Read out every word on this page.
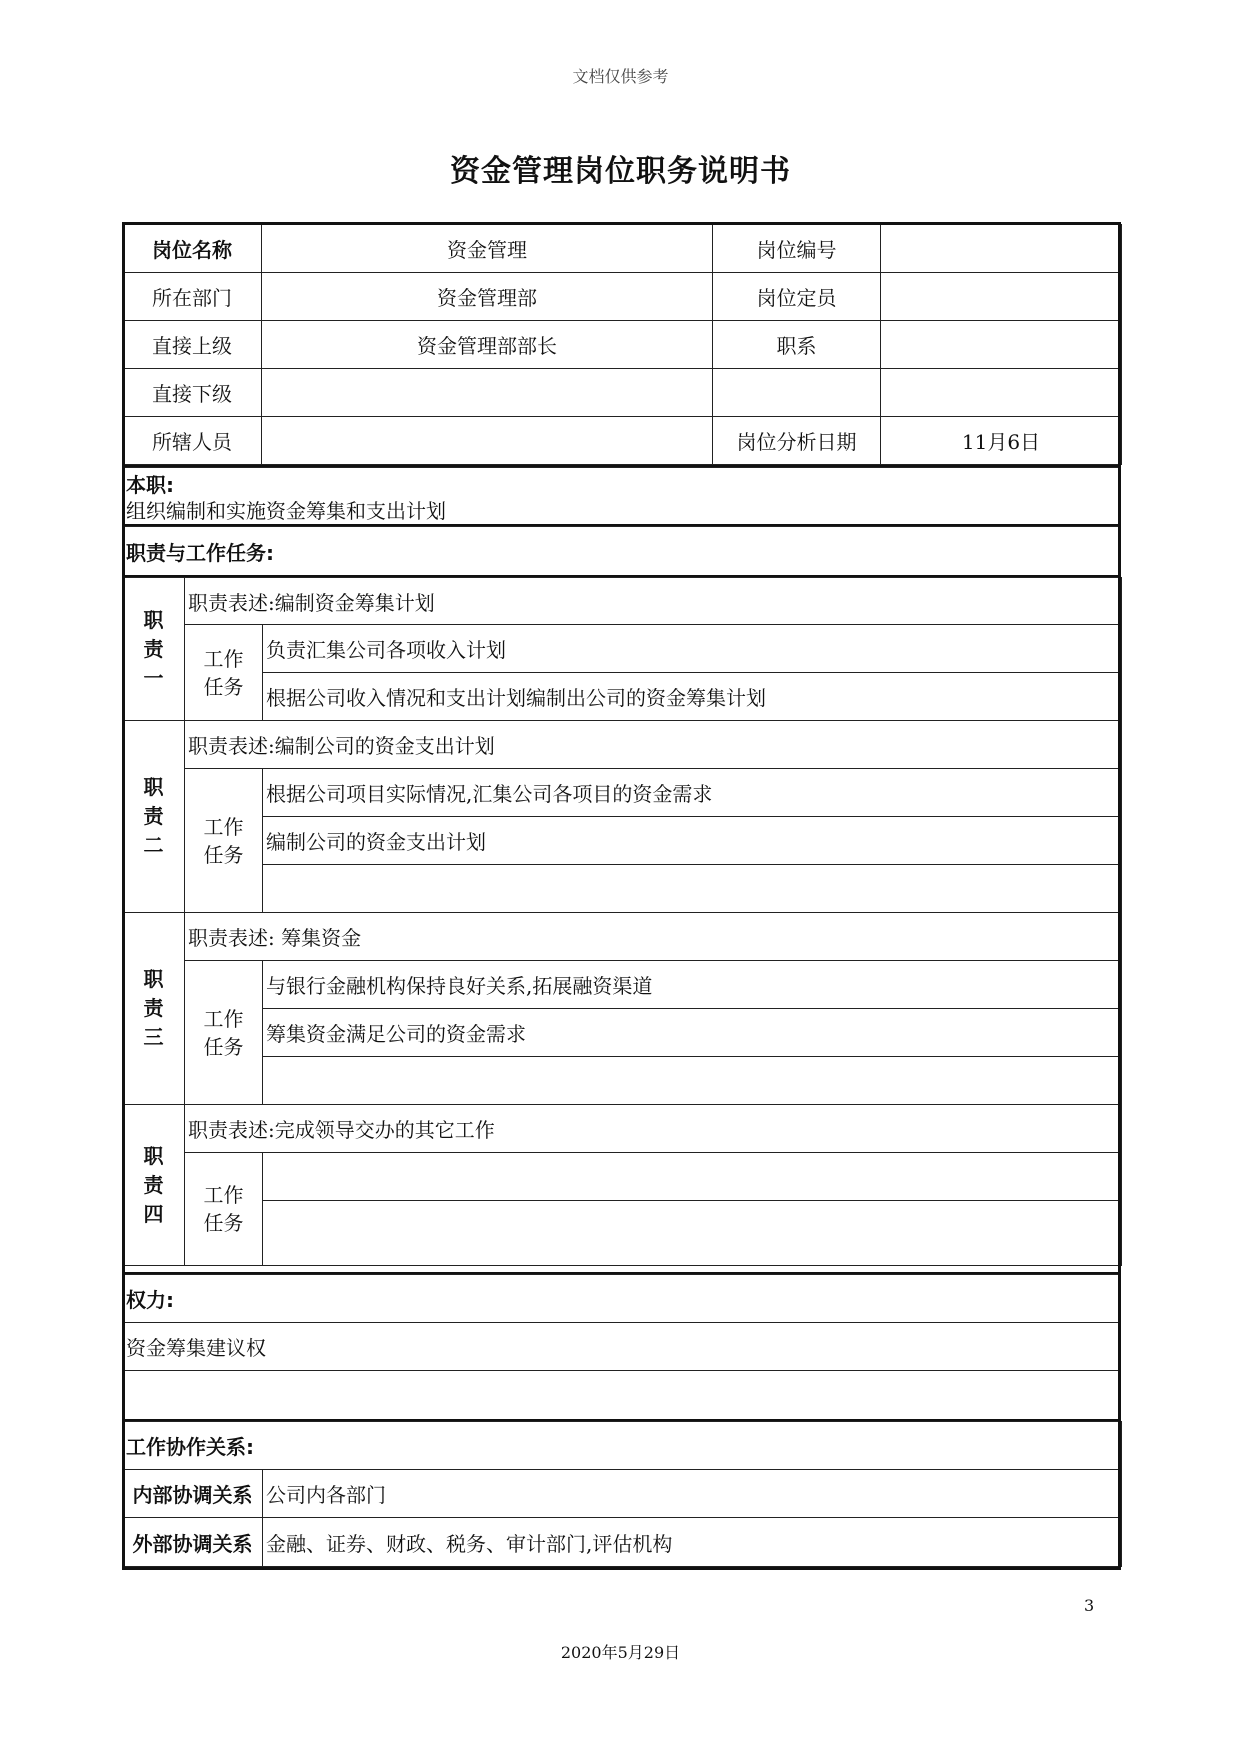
文档仅供参考
资金管理岗位职务说明书
岗位名称	资金管理	岗位编号	
所在部门	资金管理部	岗位定员	
直接上级	资金管理部部长	职系	
直接下级			
所辖人员		岗位分析日期	11月6日
本职:
组织编制和实施资金筹集和支出计划
职责与工作任务:
职
责
一	职责表述:编制资金筹集计划	

	工作
任务	负责汇集公司各项收入计划
		根据公司收入情况和支出计划编制出公司的资金筹集计划

职
责
二	职责表述:编制公司的资金支出计划	

	工作
任务	根据公司项目实际情况,汇集公司各项目的资金需求
		编制公司的资金支出计划

职
责
三	职责表述: 筹集资金	

	工作
任务	与银行金融机构保持良好关系,拓展融资渠道
		筹集资金满足公司的资金需求

职
责
四	职责表述:完成领导交办的其它工作	

	工作
任务	

权力:
资金筹集建议权

工作协作关系:	
内部协调关系	公司内各部门
外部协调关系	金融、证券、财政、税务、审计部门,评估机构
3
2020年5月29日
